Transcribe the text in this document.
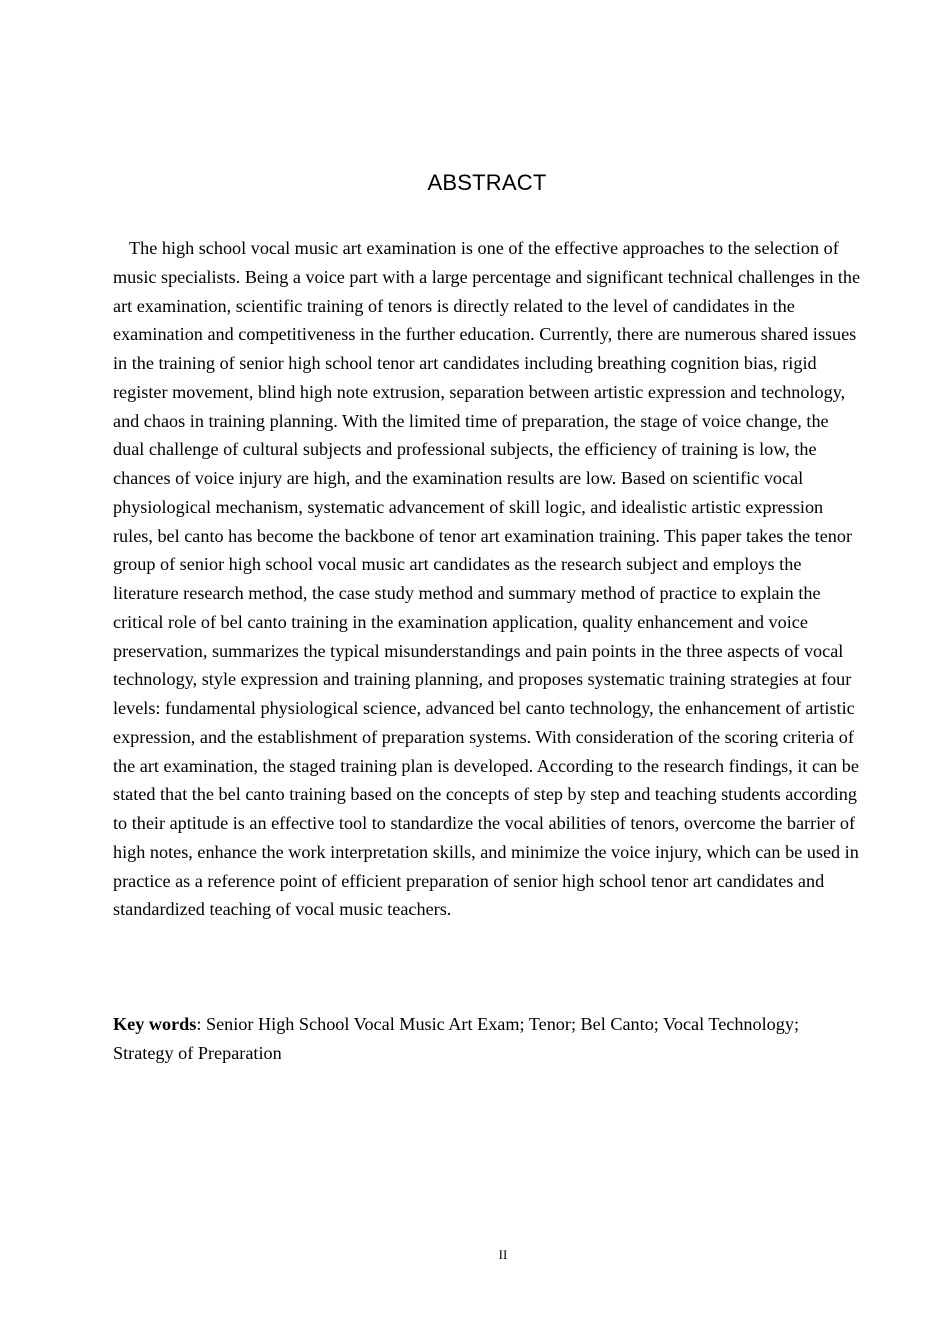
ABSTRACT

The high school vocal music art examination is one of the effective approaches to the selection of music specialists. Being a voice part with a large percentage and significant technical challenges in the art examination, scientific training of tenors is directly related to the level of candidates in the examination and competitiveness in the further education. Currently, there are numerous shared issues in the training of senior high school tenor art candidates including breathing cognition bias, rigid register movement, blind high note extrusion, separation between artistic expression and technology, and chaos in training planning. With the limited time of preparation, the stage of voice change, the dual challenge of cultural subjects and professional subjects, the efficiency of training is low, the chances of voice injury are high, and the examination results are low. Based on scientific vocal physiological mechanism, systematic advancement of skill logic, and idealistic artistic expression rules, bel canto has become the backbone of tenor art examination training. This paper takes the tenor group of senior high school vocal music art candidates as the research subject and employs the literature research method, the case study method and summary method of practice to explain the critical role of bel canto training in the examination application, quality enhancement and voice preservation, summarizes the typical misunderstandings and pain points in the three aspects of vocal technology, style expression and training planning, and proposes systematic training strategies at four levels: fundamental physiological science, advanced bel canto technology, the enhancement of artistic expression, and the establishment of preparation systems. With consideration of the scoring criteria of the art examination, the staged training plan is developed. According to the research findings, it can be stated that the bel canto training based on the concepts of step by step and teaching students according to their aptitude is an effective tool to standardize the vocal abilities of tenors, overcome the barrier of high notes, enhance the work interpretation skills, and minimize the voice injury, which can be used in practice as a reference point of efficient preparation of senior high school tenor art candidates and standardized teaching of vocal music teachers.

Key words: Senior High School Vocal Music Art Exam; Tenor; Bel Canto; Vocal Technology; Strategy of Preparation

II
